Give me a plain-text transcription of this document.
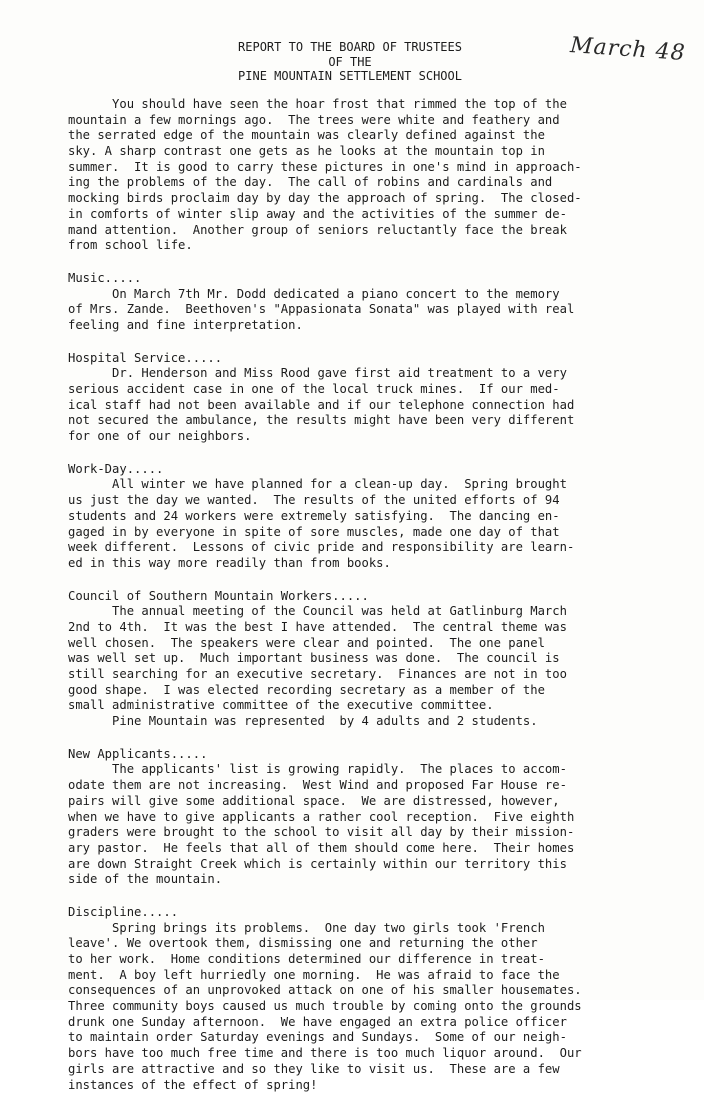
REPORT TO THE BOARD OF TRUSTEES
OF THE
PINE MOUNTAIN SETTLEMENT SCHOOL
March 48
You should have seen the hoar frost that rimmed the top of the
mountain a few mornings ago.  The trees were white and feathery and
the serrated edge of the mountain was clearly defined against the
sky. A sharp contrast one gets as he looks at the mountain top in
summer.  It is good to carry these pictures in one's mind in approach-
ing the problems of the day.  The call of robins and cardinals and
mocking birds proclaim day by day the approach of spring.  The closed-
in comforts of winter slip away and the activities of the summer de-
mand attention.  Another group of seniors reluctantly face the break
from school life.
Music.....
On March 7th Mr. Dodd dedicated a piano concert to the memory
of Mrs. Zande.  Beethoven's "Appasionata Sonata" was played with real
feeling and fine interpretation.
Hospital Service.....
Dr. Henderson and Miss Rood gave first aid treatment to a very
serious accident case in one of the local truck mines.  If our med-
ical staff had not been available and if our telephone connection had
not secured the ambulance, the results might have been very different
for one of our neighbors.
Work-Day.....
All winter we have planned for a clean-up day.  Spring brought
us just the day we wanted.  The results of the united efforts of 94
students and 24 workers were extremely satisfying.  The dancing en-
gaged in by everyone in spite of sore muscles, made one day of that
week different.  Lessons of civic pride and responsibility are learn-
ed in this way more readily than from books.
Council of Southern Mountain Workers.....
The annual meeting of the Council was held at Gatlinburg March
2nd to 4th.  It was the best I have attended.  The central theme was
well chosen.  The speakers were clear and pointed.  The one panel
was well set up.  Much important business was done.  The council is
still searching for an executive secretary.  Finances are not in too
good shape.  I was elected recording secretary as a member of the
small administrative committee of the executive committee.
Pine Mountain was represented  by 4 adults and 2 students.
New Applicants.....
The applicants' list is growing rapidly.  The places to accom-
odate them are not increasing.  West Wind and proposed Far House re-
pairs will give some additional space.  We are distressed, however,
when we have to give applicants a rather cool reception.  Five eighth
graders were brought to the school to visit all day by their mission-
ary pastor.  He feels that all of them should come here.  Their homes
are down Straight Creek which is certainly within our territory this
side of the mountain.
Discipline.....
Spring brings its problems.  One day two girls took 'French
leave'. We overtook them, dismissing one and returning the other
to her work.  Home conditions determined our difference in treat-
ment.  A boy left hurriedly one morning.  He was afraid to face the
consequences of an unprovoked attack on one of his smaller housemates.
Three community boys caused us much trouble by coming onto the grounds
drunk one Sunday afternoon.  We have engaged an extra police officer
to maintain order Saturday evenings and Sundays.  Some of our neigh-
bors have too much free time and there is too much liquor around.  Our
girls are attractive and so they like to visit us.  These are a few
instances of the effect of spring!
